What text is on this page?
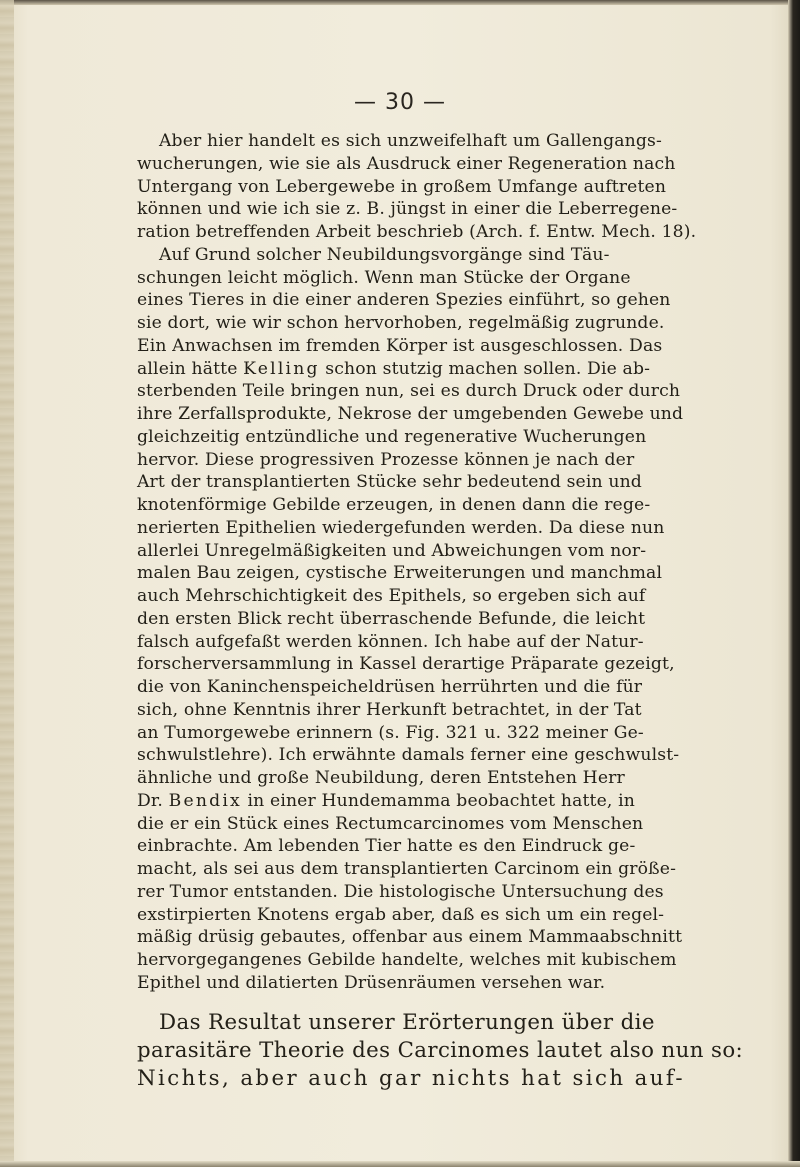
— 30 —
Aber hier handelt es sich unzweifelhaft um Gallengangs-
wucherungen, wie sie als Ausdruck einer Regeneration nach
Untergang von Lebergewebe in großem Umfange auftreten
können und wie ich sie z. B. jüngst in einer die Leberregene-
ration betreffenden Arbeit beschrieb (Arch. f. Entw. Mech. 18).
Auf Grund solcher Neubildungsvorgänge sind Täu-
schungen leicht möglich. Wenn man Stücke der Organe
eines Tieres in die einer anderen Spezies einführt, so gehen
sie dort, wie wir schon hervorhoben, regelmäßig zugrunde.
Ein Anwachsen im fremden Körper ist ausgeschlossen. Das
allein hätte Kelling schon stutzig machen sollen. Die ab-
sterbenden Teile bringen nun, sei es durch Druck oder durch
ihre Zerfallsprodukte, Nekrose der umgebenden Gewebe und
gleichzeitig entzündliche und regenerative Wucherungen
hervor. Diese progressiven Prozesse können je nach der
Art der transplantierten Stücke sehr bedeutend sein und
knotenförmige Gebilde erzeugen, in denen dann die rege-
nerierten Epithelien wiedergefunden werden. Da diese nun
allerlei Unregelmäßigkeiten und Abweichungen vom nor-
malen Bau zeigen, cystische Erweiterungen und manchmal
auch Mehrschichtigkeit des Epithels, so ergeben sich auf
den ersten Blick recht überraschende Befunde, die leicht
falsch aufgefaßt werden können. Ich habe auf der Natur-
forscherversammlung in Kassel derartige Präparate gezeigt,
die von Kaninchenspeicheldrüsen herrührten und die für
sich, ohne Kenntnis ihrer Herkunft betrachtet, in der Tat
an Tumorgewebe erinnern (s. Fig. 321 u. 322 meiner Ge-
schwulstlehre). Ich erwähnte damals ferner eine geschwulst-
ähnliche und große Neubildung, deren Entstehen Herr
Dr. Bendix in einer Hundemamma beobachtet hatte, in
die er ein Stück eines Rectumcarcinomes vom Menschen
einbrachte. Am lebenden Tier hatte es den Eindruck ge-
macht, als sei aus dem transplantierten Carcinom ein größe-
rer Tumor entstanden. Die histologische Untersuchung des
exstirpierten Knotens ergab aber, daß es sich um ein regel-
mäßig drüsig gebautes, offenbar aus einem Mammaabschnitt
hervorgegangenes Gebilde handelte, welches mit kubischem
Epithel und dilatierten Drüsenräumen versehen war.
Das Resultat unserer Erörterungen über die
parasitäre Theorie des Carcinomes lautet also nun so:
Nichts, aber auch gar nichts hat sich auf-
